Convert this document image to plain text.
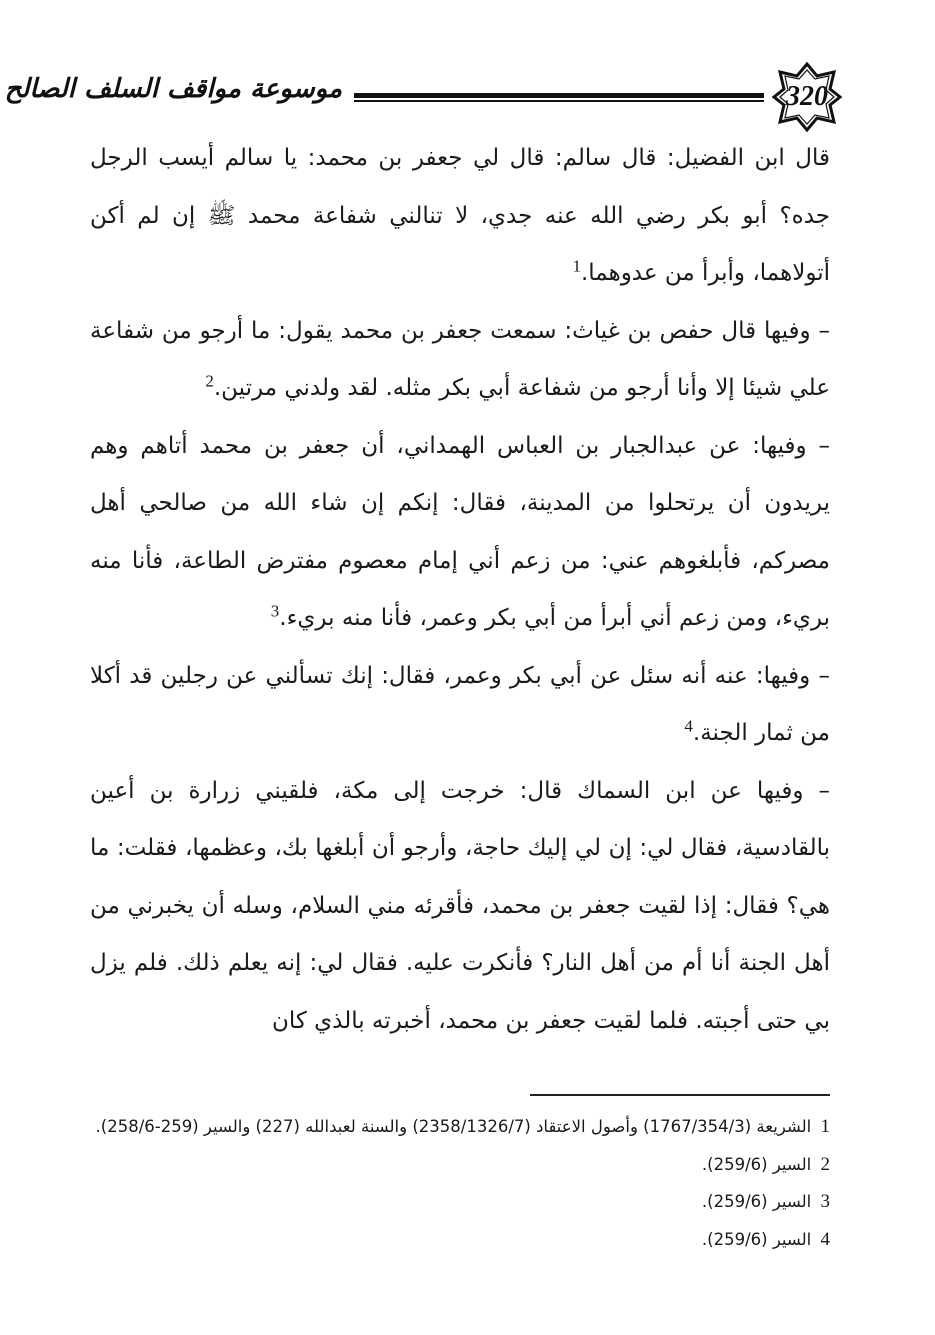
320
موسوعة مواقف السلف الصالح

قال ابن الفضيل: قال سالم: قال لي جعفر بن محمد: يا سالم أيسب الرجل جده؟ أبو بكر رضي الله عنه جدي، لا تنالني شفاعة محمد ﷺ إن لم أكن أتولاهما، وأبرأ من عدوهما.$^1$

– وفيها قال حفص بن غياث: سمعت جعفر بن محمد يقول: ما أرجو من شفاعة علي شيئا إلا وأنا أرجو من شفاعة أبي بكر مثله. لقد ولدني مرتين.$^2$

– وفيها: عن عبدالجبار بن العباس الهمداني، أن جعفر بن محمد أتاهم وهم يريدون أن يرتحلوا من المدينة، فقال: إنكم إن شاء الله من صالحي أهل مصركم، فأبلغوهم عني: من زعم أني إمام معصوم مفترض الطاعة، فأنا منه بريء، ومن زعم أني أبرأ من أبي بكر وعمر، فأنا منه بريء.$^3$

– وفيها: عنه أنه سئل عن أبي بكر وعمر، فقال: إنك تسألني عن رجلين قد أكلا من ثمار الجنة.$^4$

– وفيها عن ابن السماك قال: خرجت إلى مكة، فلقيني زرارة بن أعين بالقادسية، فقال لي: إن لي إليك حاجة، وأرجو أن أبلغها بك، وعظمها، فقلت: ما هي؟ فقال: إذا لقيت جعفر بن محمد، فأقرئه مني السلام، وسله أن يخبرني من أهل الجنة أنا أم من أهل النار؟ فأنكرت عليه. فقال لي: إنه يعلم ذلك. فلم يزل بي حتى أجبته. فلما لقيت جعفر بن محمد، أخبرته بالذي كان

1 الشريعة (1767/354/3) وأصول الاعتقاد (2358/1326/7) والسنة لعبدالله (227) والسير (259-258/6).

2 السير (259/6).

3 السير (259/6).

4 السير (259/6).
